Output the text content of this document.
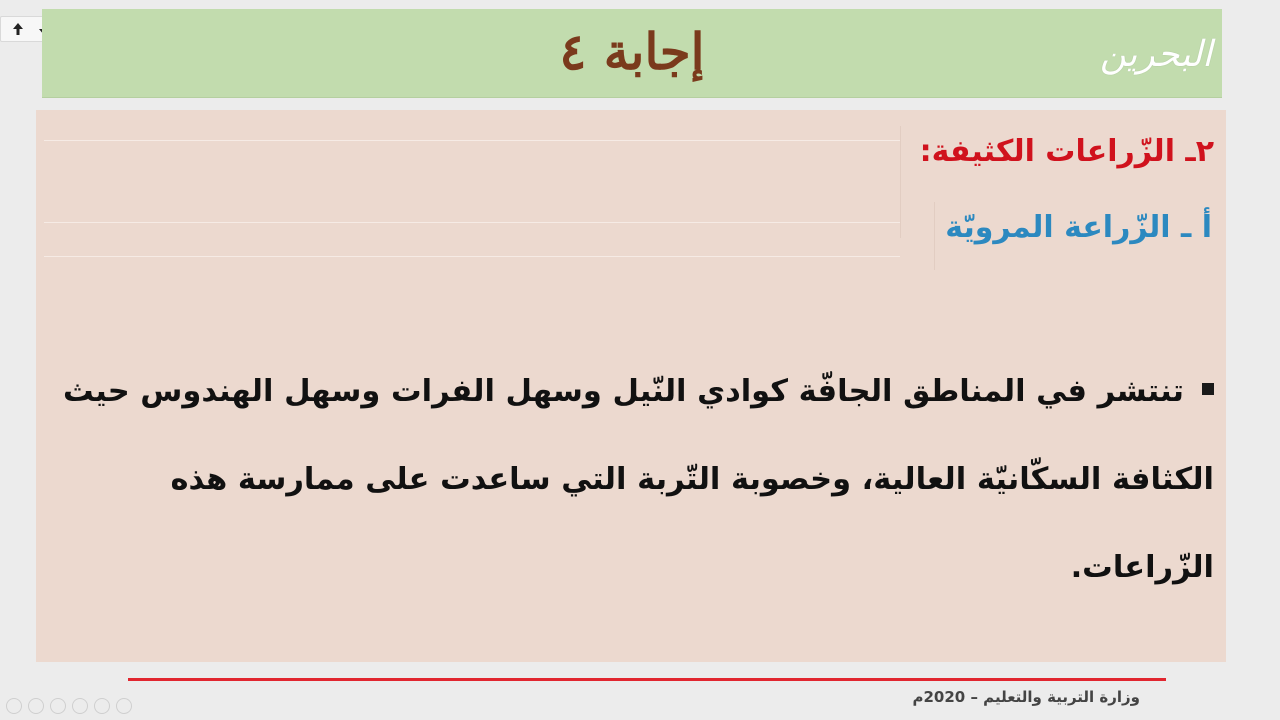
إجابة ٤	البحرين
٢ـ الزّراعات الكثيفة:
أ ـ الزّراعة المرويّة
تنتشر في المناطق الجافّة كوادي النّيل وسهل الفرات وسهل الهندوس حيث الكثافة السكّانيّة العالية، وخصوبة التّربة التي ساعدت على ممارسة هذه الزّراعات.
وزارة التربية والتعليم – 2020م
